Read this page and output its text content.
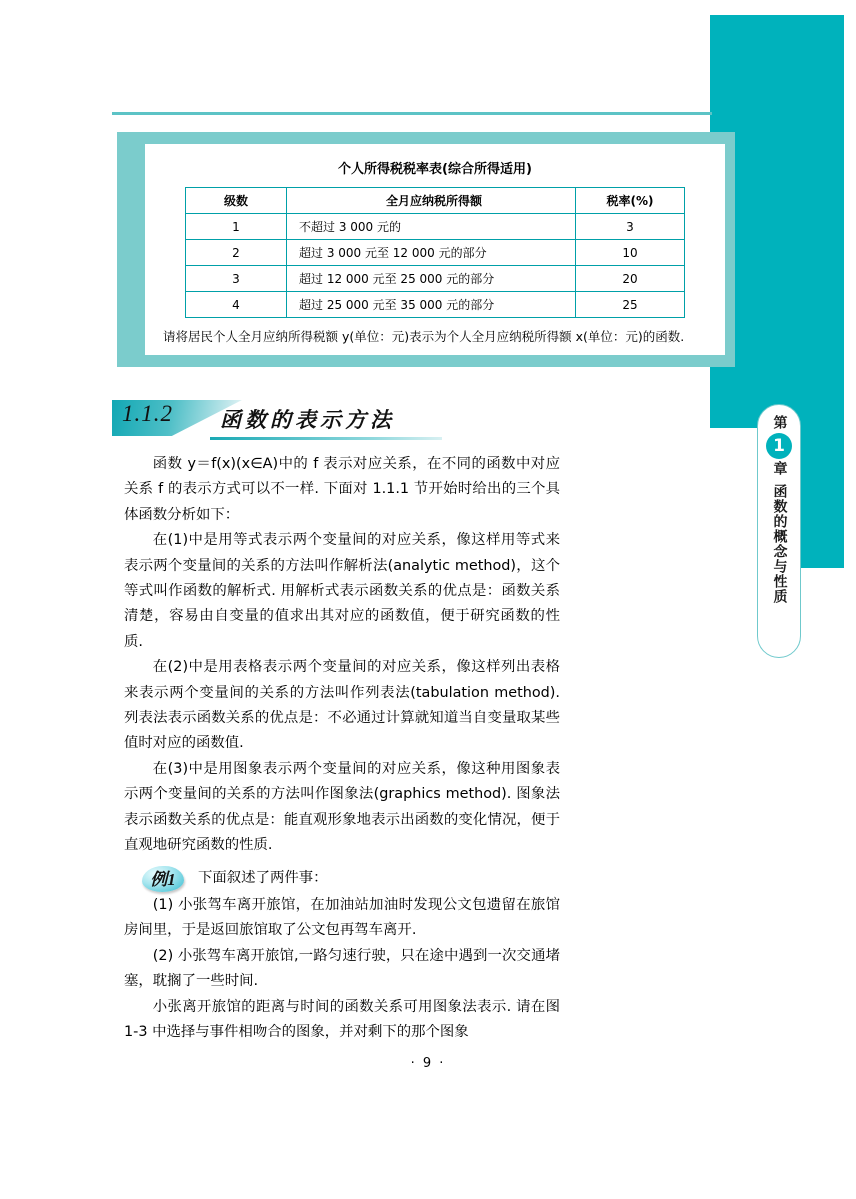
第
1
章
函数的概念与性质
个人所得税税率表(综合所得适用)
级数	全月应纳税所得额	税率(%)
1	不超过 3 000 元的	3
2	超过 3 000 元至 12 000 元的部分	10
3	超过 12 000 元至 25 000 元的部分	20
4	超过 25 000 元至 35 000 元的部分	25
请将居民个人全月应纳所得税额 y(单位：元)表示为个人全月应纳税所得额 x(单位：元)的函数.
1.1.2 函数的表示方法

函数 y＝f(x)(x∈A)中的 f 表示对应关系，在不同的函数中对应关系 f 的表示方式可以不一样. 下面对 1.1.1 节开始时给出的三个具体函数分析如下：

在(1)中是用等式表示两个变量间的对应关系，像这样用等式来表示两个变量间的关系的方法叫作解析法(analytic method)，这个等式叫作函数的解析式. 用解析式表示函数关系的优点是：函数关系清楚，容易由自变量的值求出其对应的函数值，便于研究函数的性质.

在(2)中是用表格表示两个变量间的对应关系，像这样列出表格来表示两个变量间的关系的方法叫作列表法(tabulation method). 列表法表示函数关系的优点是：不必通过计算就知道当自变量取某些值时对应的函数值.

在(3)中是用图象表示两个变量间的对应关系，像这种用图象表示两个变量间的关系的方法叫作图象法(graphics method). 图象法表示函数关系的优点是：能直观形象地表示出函数的变化情况，便于直观地研究函数的性质.

例1 下面叙述了两件事：

(1) 小张驾车离开旅馆，在加油站加油时发现公文包遗留在旅馆房间里，于是返回旅馆取了公文包再驾车离开.

(2) 小张驾车离开旅馆,一路匀速行驶，只在途中遇到一次交通堵塞，耽搁了一些时间.

小张离开旅馆的距离与时间的函数关系可用图象法表示. 请在图 1-3 中选择与事件相吻合的图象，并对剩下的那个图象

· 9 ·
